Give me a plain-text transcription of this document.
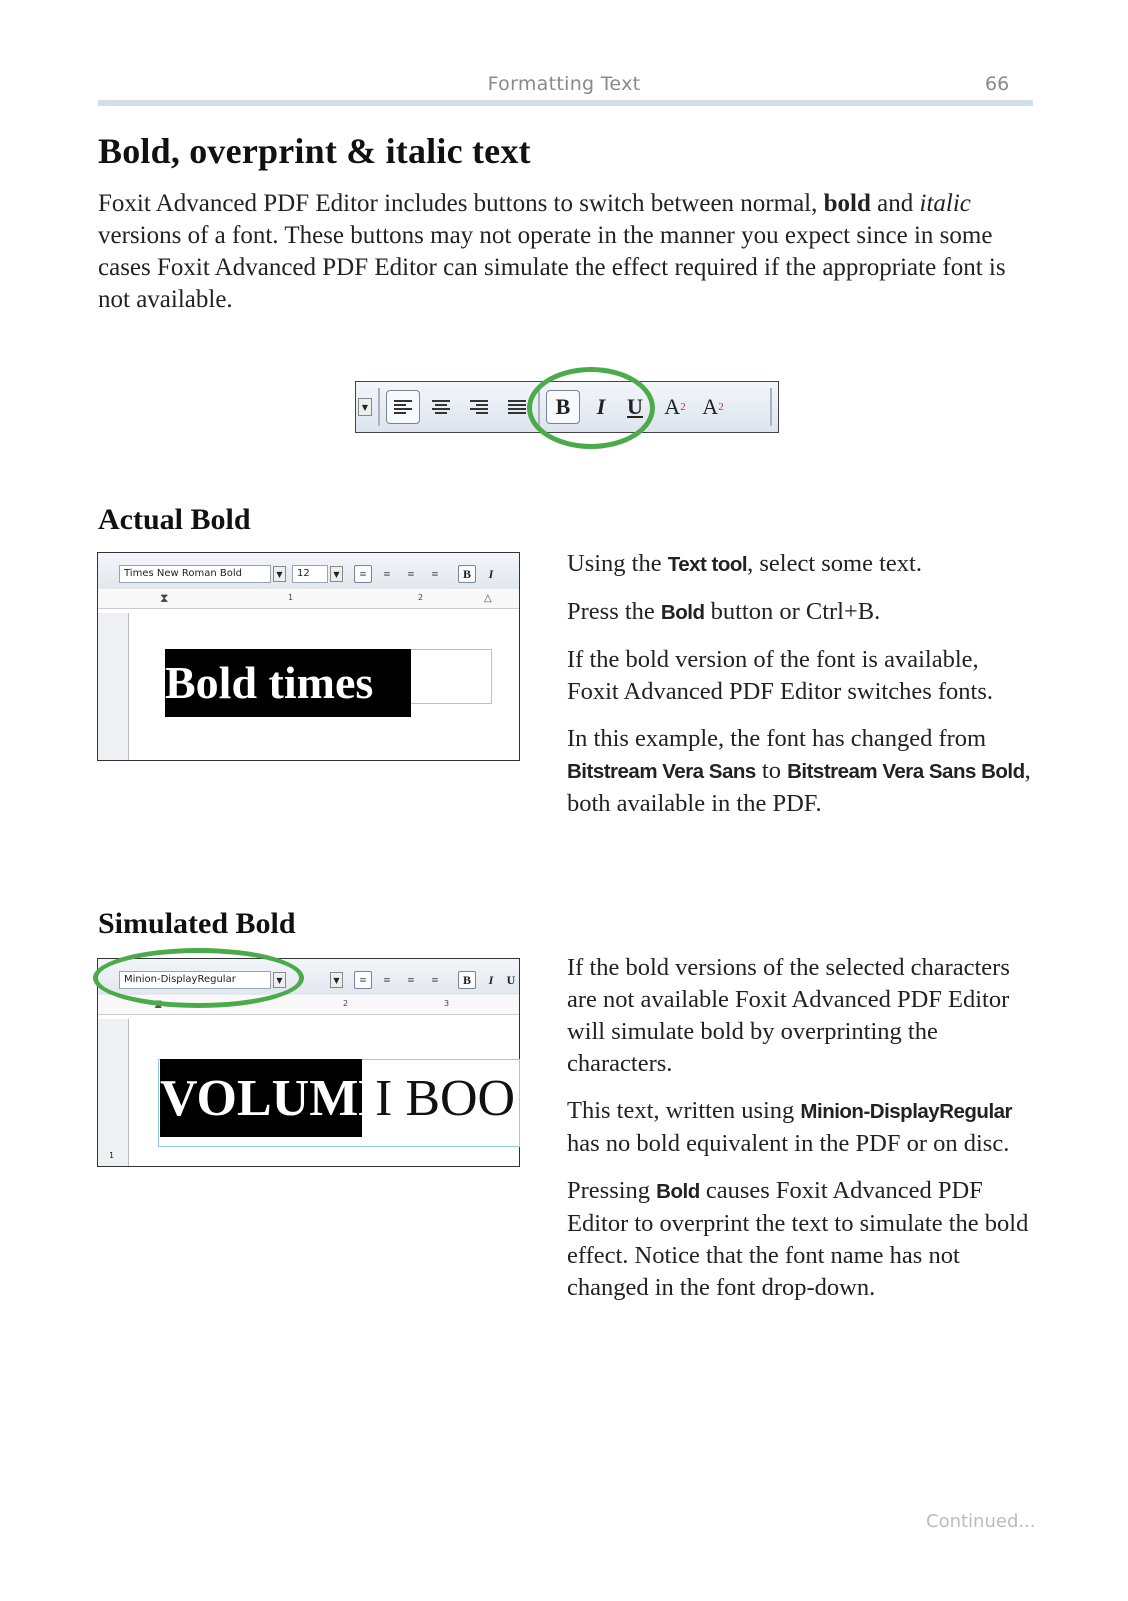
Formatting Text	66
Bold, overprint & italic text

Foxit Advanced PDF Editor includes buttons to switch between normal, bold and italic versions of a font. These buttons may not operate in the manner you expect since in some cases Foxit Advanced PDF Editor can simulate the effect required if the appropriate font is not available.

▼	B	I U A 2 A 2
Actual Bold
Times New Roman Bold	▼	12	▼	≡	≡	≡	≡	B	I
1	2
⧗	△
Bold times

Using the Text tool, select some text.

Press the Bold button or Ctrl+B.

If the bold version of the font is available, Foxit Advanced PDF Editor switches fonts.

In this example, the font has changed from Bitstream Vera Sans to Bitstream Vera Sans Bold, both available in the PDF.

Simulated Bold
Minion-DisplayRegular	▼	▼	≡	≡	≡	≡	B	I	U
2	3
⧗
1
VOLUME
I BOO

If the bold versions of the selected characters are not available Foxit Advanced PDF Editor will simulate bold by overprinting the characters.

This text, written using Minion-DisplayRegular has no bold equivalent in the PDF or on disc.

Pressing Bold causes Foxit Advanced PDF Editor to overprint the text to simulate the bold effect. Notice that the font name has not changed in the font drop-down.

Continued...
